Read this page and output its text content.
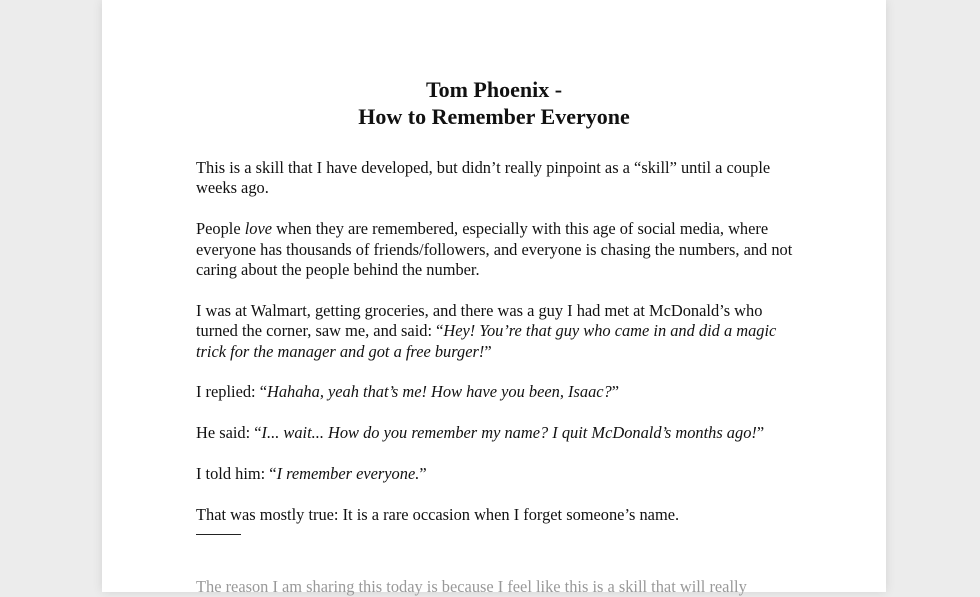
Tom Phoenix -
How to Remember Everyone

This is a skill that I have developed, but didn’t really pinpoint as a “skill” until a couple weeks ago.

People love when they are remembered, especially with this age of social media, where everyone has thousands of friends/followers, and everyone is chasing the numbers, and not caring about the people behind the number.

I was at Walmart, getting groceries, and there was a guy I had met at McDonald’s who turned the corner, saw me, and said: “Hey! You’re that guy who came in and did a magic trick for the manager and got a free burger!”

I replied: “Hahaha, yeah that’s me! How have you been, Isaac?”

He said: “I... wait... How do you remember my name? I quit McDonald’s months ago!”

I told him: “I remember everyone.”

That was mostly true: It is a rare occasion when I forget someone’s name.

The reason I am sharing this today is because I feel like this is a skill that will really
